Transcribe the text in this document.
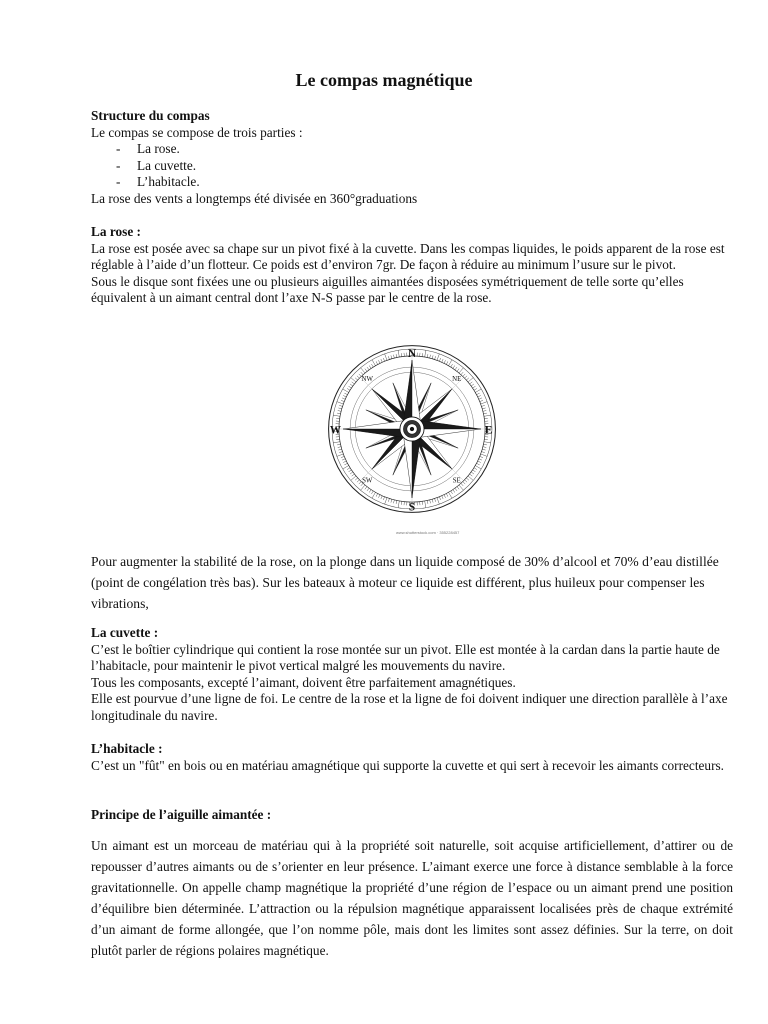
Le compas magnétique
Structure du compas
Le compas se compose de trois parties :
- La rose.
- La cuvette.
- L’habitacle.
La rose des vents a longtemps été divisée en 360°graduations
La rose :
La rose est posée avec sa chape sur un pivot fixé à la cuvette. Dans les compas liquides, le poids apparent de la rose est réglable à l’aide d’un flotteur. Ce poids est d’environ 7gr. De façon à réduire au minimum l’usure sur le pivot.
Sous le disque sont fixées une ou plusieurs aiguilles aimantées disposées symétriquement de telle sorte qu’elles équivalent à un aimant central dont l’axe N-S passe par le centre de la rose.
N
S
E
W
NE
NW
SE
SW
www.shutterstock.com · 355228457
Pour augmenter la stabilité de la rose, on la plonge dans un liquide composé de 30% d’alcool et 70% d’eau distillée (point de congélation très bas). Sur les bateaux à moteur ce liquide est différent, plus huileux pour compenser les vibrations,
La cuvette :
C’est le boîtier cylindrique qui contient la rose montée sur un pivot. Elle est montée à la cardan dans la partie haute de l’habitacle, pour maintenir le pivot vertical malgré les mouvements du navire.
Tous les composants, excepté l’aimant, doivent être parfaitement amagnétiques.
Elle est pourvue d’une ligne de foi. Le centre de la rose et la ligne de foi doivent indiquer une direction parallèle à l’axe longitudinale du navire.
L’habitacle :
C’est un "fût" en bois ou en matériau amagnétique qui supporte la cuvette et qui sert à recevoir les aimants correcteurs.
Principe de l’aiguille aimantée :
Un aimant est un morceau de matériau qui à la propriété soit naturelle, soit acquise artificiellement, d’attirer ou de repousser d’autres aimants ou de s’orienter en leur présence. L’aimant exerce une force à distance semblable à la force gravitationnelle. On appelle champ magnétique la propriété d’une région de l’espace ou un aimant prend une position d’équilibre bien déterminée. L’attraction ou la répulsion magnétique apparaissent localisées près de chaque extrémité d’un aimant de forme allongée, que l’on nomme pôle, mais dont les limites sont assez définies. Sur la terre, on doit plutôt parler de régions polaires magnétique.
